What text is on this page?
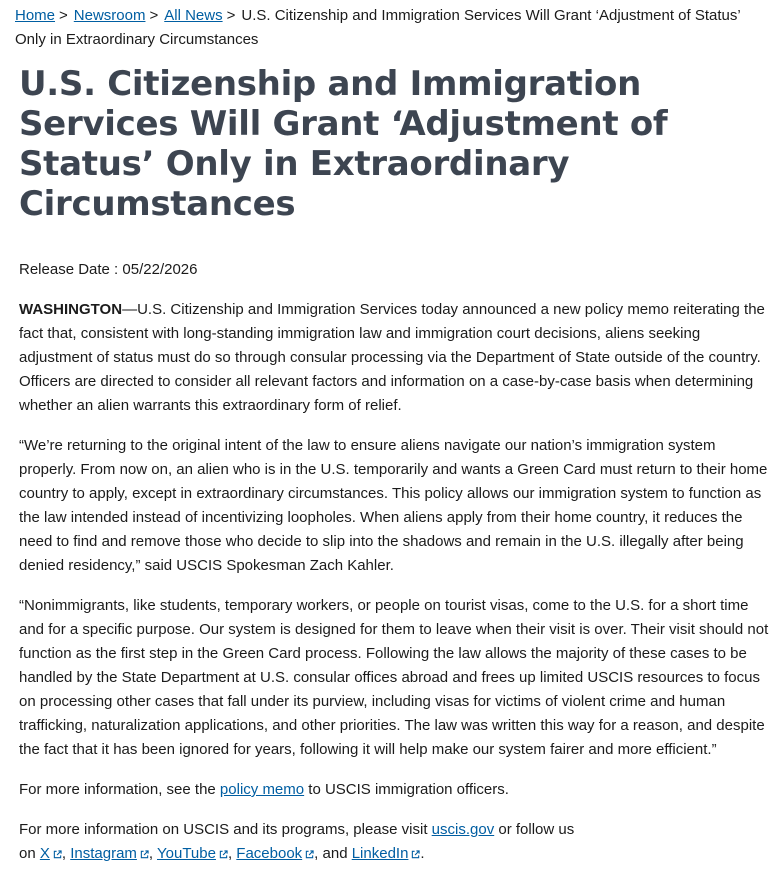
Home > Newsroom > All News > U.S. Citizenship and Immigration Services Will Grant ‘Adjustment of Status’ Only in Extraordinary Circumstances
U.S. Citizenship and Immigration Services Will Grant ‘Adjustment of Status’ Only in Extraordinary Circumstances
Release Date : 05/22/2026

WASHINGTON—U.S. Citizenship and Immigration Services today announced a new policy memo reiterating the fact that, consistent with long-standing immigration law and immigration court decisions, aliens seeking adjustment of status must do so through consular processing via the Department of State outside of the country. Officers are directed to consider all relevant factors and information on a case-by-case basis when determining whether an alien warrants this extraordinary form of relief.

“We’re returning to the original intent of the law to ensure aliens navigate our nation’s immigration system properly. From now on, an alien who is in the U.S. temporarily and wants a Green Card must return to their home country to apply, except in extraordinary circumstances. This policy allows our immigration system to function as the law intended instead of incentivizing loopholes. When aliens apply from their home country, it reduces the need to find and remove those who decide to slip into the shadows and remain in the U.S. illegally after being denied residency,” said USCIS Spokesman Zach Kahler.

“Nonimmigrants, like students, temporary workers, or people on tourist visas, come to the U.S. for a short time and for a specific purpose. Our system is designed for them to leave when their visit is over. Their visit should not function as the first step in the Green Card process. Following the law allows the majority of these cases to be handled by the State Department at U.S. consular offices abroad and frees up limited USCIS resources to focus on processing other cases that fall under its purview, including visas for victims of violent crime and human trafficking, naturalization applications, and other priorities. The law was written this way for a reason, and despite the fact that it has been ignored for years, following it will help make our system fairer and more efficient.”

For more information, see the policy memo to USCIS immigration officers.

For more information on USCIS and its programs, please visit uscis.gov or follow us
on X , Instagram , YouTube , Facebook , and LinkedIn .
